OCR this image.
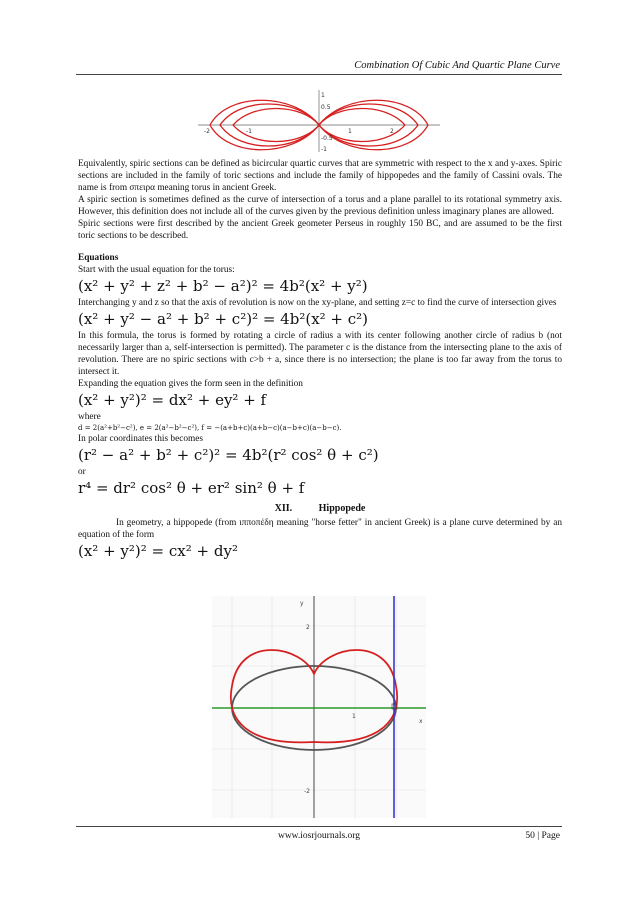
Combination Of Cubic And Quartic Plane Curve
-2	-1	1	2
1
0.5
-0.5
-1

Equivalently, spiric sections can be defined as bicircular quartic curves that are symmetric with respect to the x and y-axes. Spiric sections are included in the family of toric sections and include the family of hippopedes and the family of Cassini ovals. The name is from σπειρα meaning torus in ancient Greek.

A spiric section is sometimes defined as the curve of intersection of a torus and a plane parallel to its rotational symmetry axis. However, this definition does not include all of the curves given by the previous definition unless imaginary planes are allowed.

Spiric sections were first described by the ancient Greek geometer Perseus in roughly 150 BC, and are assumed to be the first toric sections to be described.

Equations

Start with the usual equation for the torus:

(x² + y² + z² + b² − a²)² = 4b²(x² + y²)

Interchanging y and z so that the axis of revolution is now on the xy-plane, and setting z=c to find the curve of intersection gives

(x² + y² − a² + b² + c²)² = 4b²(x² + c²)

In this formula, the torus is formed by rotating a circle of radius a with its center following another circle of radius b (not necessarily larger than a, self-intersection is permitted). The parameter c is the distance from the intersecting plane to the axis of revolution. There are no spiric sections with c>b + a, since there is no intersection; the plane is too far away from the torus to intersect it.

Expanding the equation gives the form seen in the definition

(x² + y²)² = dx² + ey² + f

where

d = 2(a²+b²−c²), e = 2(a²−b²−c²), f = −(a+b+c)(a+b−c)(a−b+c)(a−b−c).

In polar coordinates this becomes

(r² − a² + b² + c²)² = 4b²(r² cos² θ + c²)

or

r⁴ = dr² cos² θ + er² sin² θ + f
XII.	Hippopede

In geometry, a hippopede (from ιπποπέδη meaning "horse fetter" in ancient Greek) is a plane curve determined by an equation of the form

(x² + y²)² = cx² + dy²
y
x
2
-2
1
www.iosrjournals.org	50 | Page
